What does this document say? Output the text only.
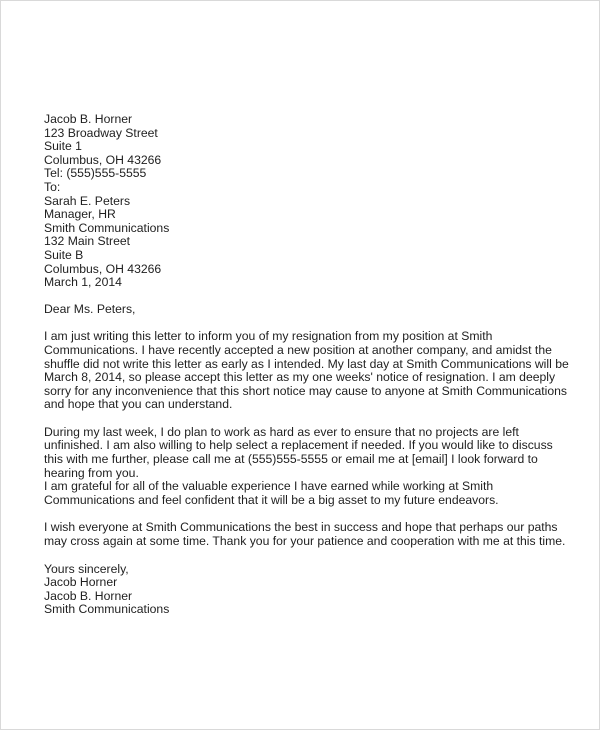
Jacob B. Horner
123 Broadway Street
Suite 1
Columbus, OH 43266
Tel: (555)555-5555
To:
Sarah E. Peters
Manager, HR
Smith Communications
132 Main Street
Suite B
Columbus, OH 43266
March 1, 2014
Dear Ms. Peters,
I am just writing this letter to inform you of my resignation from my position at Smith
Communications. I have recently accepted a new position at another company, and amidst the
shuffle did not write this letter as early as I intended. My last day at Smith Communications will be
March 8, 2014, so please accept this letter as my one weeks' notice of resignation. I am deeply
sorry for any inconvenience that this short notice may cause to anyone at Smith Communications
and hope that you can understand.
During my last week, I do plan to work as hard as ever to ensure that no projects are left
unfinished. I am also willing to help select a replacement if needed. If you would like to discuss
this with me further, please call me at (555)555-5555 or email me at [email] I look forward to
hearing from you.
I am grateful for all of the valuable experience I have earned while working at Smith
Communications and feel confident that it will be a big asset to my future endeavors.
I wish everyone at Smith Communications the best in success and hope that perhaps our paths
may cross again at some time. Thank you for your patience and cooperation with me at this time.
Yours sincerely,
Jacob Horner
Jacob B. Horner
Smith Communications
